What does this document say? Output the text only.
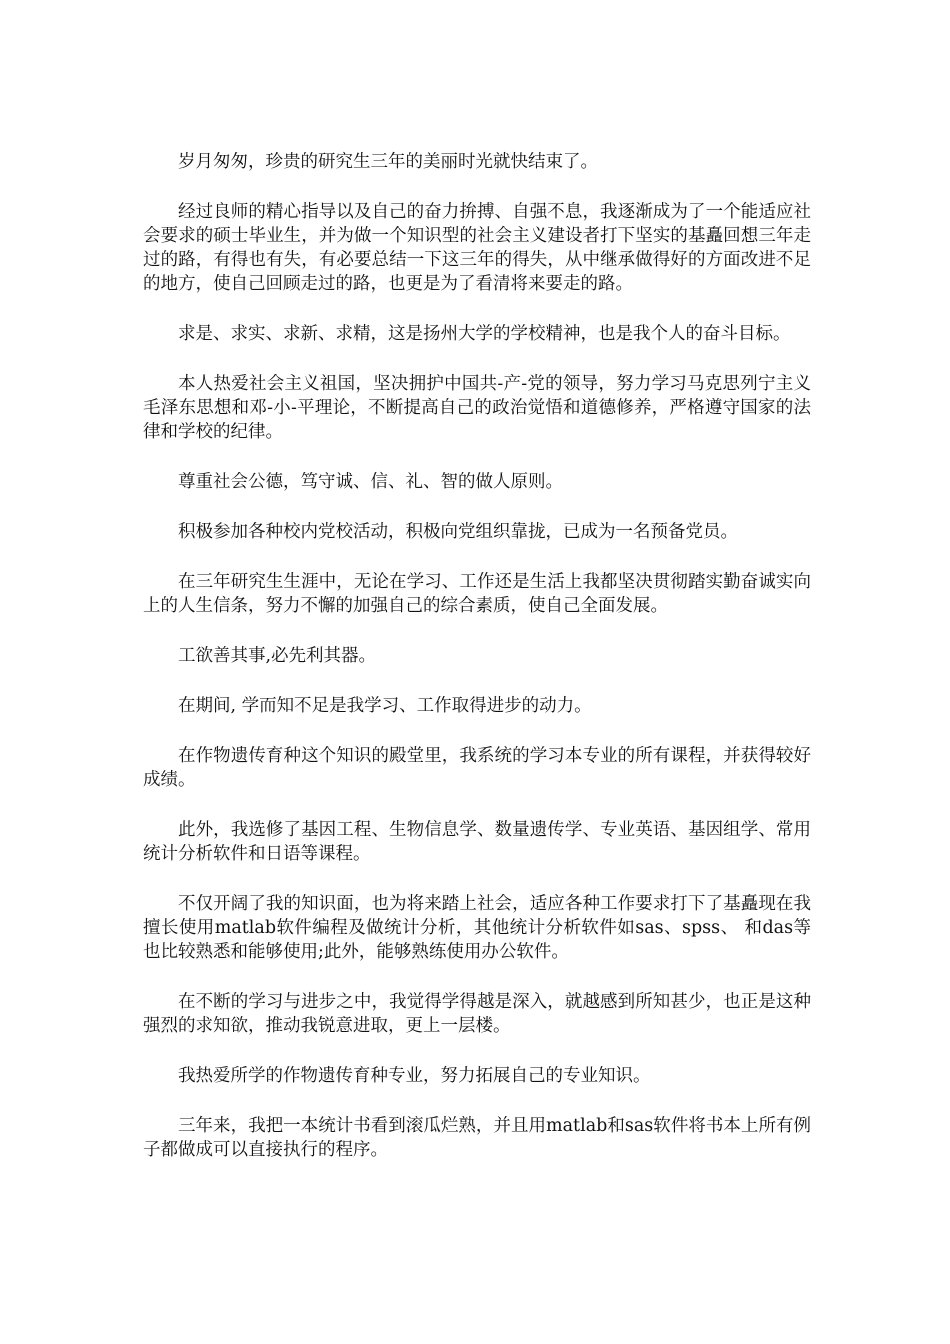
岁月匆匆，珍贵的研究生三年的美丽时光就快结束了。

经过良师的精心指导以及自己的奋力拚搏、自强不息，我逐渐成为了一个能适应社会要求的硕士毕业生，并为做一个知识型的社会主义建设者打下坚实的基矗回想三年走过的路，有得也有失，有必要总结一下这三年的得失，从中继承做得好的方面改进不足的地方，使自己回顾走过的路，也更是为了看清将来要走的路。

求是、求实、求新、求精，这是扬州大学的学校精神，也是我个人的奋斗目标。

本人热爱社会主义祖国，坚决拥护中国共-产-党的领导，努力学习马克思列宁主义毛泽东思想和邓-小-平理论，不断提高自己的政治觉悟和道德修养，严格遵守国家的法律和学校的纪律。

尊重社会公德，笃守诚、信、礼、智的做人原则。

积极参加各种校内党校活动，积极向党组织靠拢，已成为一名预备党员。

在三年研究生生涯中，无论在学习、工作还是生活上我都坚决贯彻踏实勤奋诚实向上的人生信条，努力不懈的加强自己的综合素质，使自己全面发展。

工欲善其事,必先利其器。

在期间, 学而知不足是我学习、工作取得进步的动力。

在作物遗传育种这个知识的殿堂里，我系统的学习本专业的所有课程，并获得较好成绩。

此外，我选修了基因工程、生物信息学、数量遗传学、专业英语、基因组学、常用统计分析软件和日语等课程。

不仅开阔了我的知识面，也为将来踏上社会，适应各种工作要求打下了基矗现在我擅长使用matlab软件编程及做统计分析，其他统计分析软件如sas、spss、 和das等也比较熟悉和能够使用;此外，能够熟练使用办公软件。

在不断的学习与进步之中，我觉得学得越是深入，就越感到所知甚少，也正是这种强烈的求知欲，推动我锐意进取，更上一层楼。

我热爱所学的作物遗传育种专业，努力拓展自己的专业知识。

三年来，我把一本统计书看到滚瓜烂熟，并且用matlab和sas软件将书本上所有例子都做成可以直接执行的程序。
